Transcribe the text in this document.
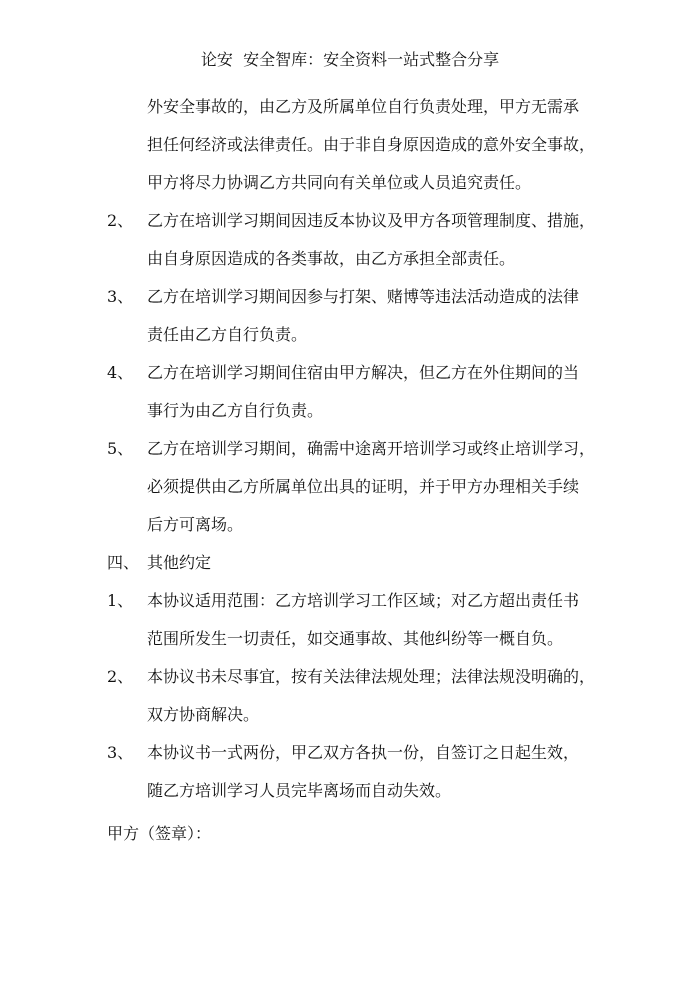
论安  安全智库：安全资料一站式整合分享
外安全事故的，由乙方及所属单位自行负责处理，甲方无需承
担任何经济或法律责任。由于非自身原因造成的意外安全事故，
甲方将尽力协调乙方共同向有关单位或人员追究责任。
2、 乙方在培训学习期间因违反本协议及甲方各项管理制度、措施，
由自身原因造成的各类事故，由乙方承担全部责任。
3、 乙方在培训学习期间因参与打架、赌博等违法活动造成的法律
责任由乙方自行负责。
4、 乙方在培训学习期间住宿由甲方解决，但乙方在外住期间的当
事行为由乙方自行负责。
5、 乙方在培训学习期间，确需中途离开培训学习或终止培训学习，
必须提供由乙方所属单位出具的证明，并于甲方办理相关手续
后方可离场。
四、 其他约定
1、 本协议适用范围：乙方培训学习工作区域；对乙方超出责任书
范围所发生一切责任，如交通事故、其他纠纷等一概自负。
2、 本协议书未尽事宜，按有关法律法规处理；法律法规没明确的，
双方协商解决。
3、 本协议书一式两份，甲乙双方各执一份，自签订之日起生效，
随乙方培训学习人员完毕离场而自动失效。
甲方（签章）：
